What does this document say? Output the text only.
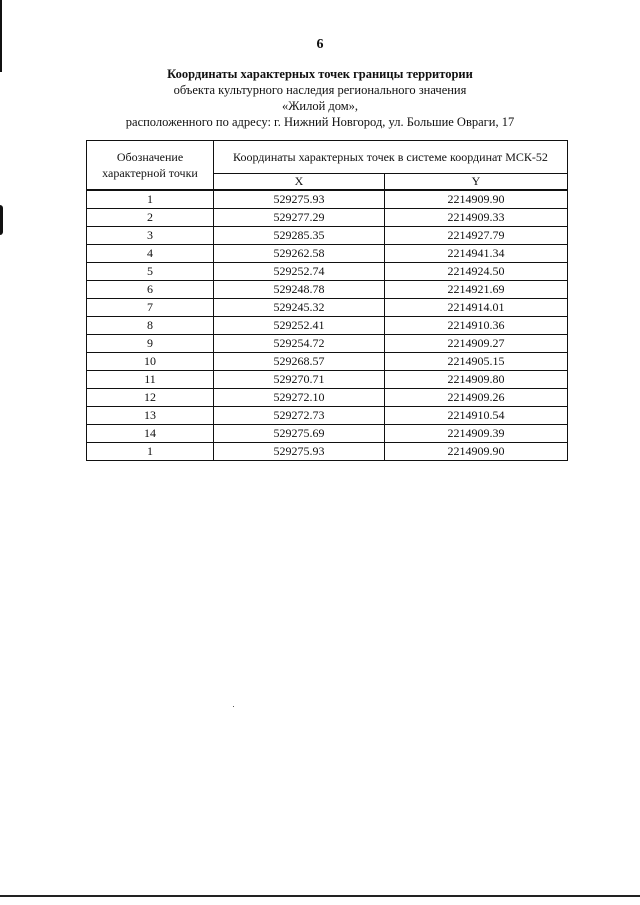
6
Координаты характерных точек границы территории
объекта культурного наследия регионального значения
«Жилой дом»,
расположенного по адресу: г. Нижний Новгород, ул. Большие Овраги, 17
Обозначение характерной точки	Координаты характерных точек в системе координат МСК-52	
	X	Y
1	529275.93	2214909.90
2	529277.29	2214909.33
3	529285.35	2214927.79
4	529262.58	2214941.34
5	529252.74	2214924.50
6	529248.78	2214921.69
7	529245.32	2214914.01
8	529252.41	2214910.36
9	529254.72	2214909.27
10	529268.57	2214905.15
11	529270.71	2214909.80
12	529272.10	2214909.26
13	529272.73	2214910.54
14	529275.69	2214909.39
1	529275.93	2214909.90
